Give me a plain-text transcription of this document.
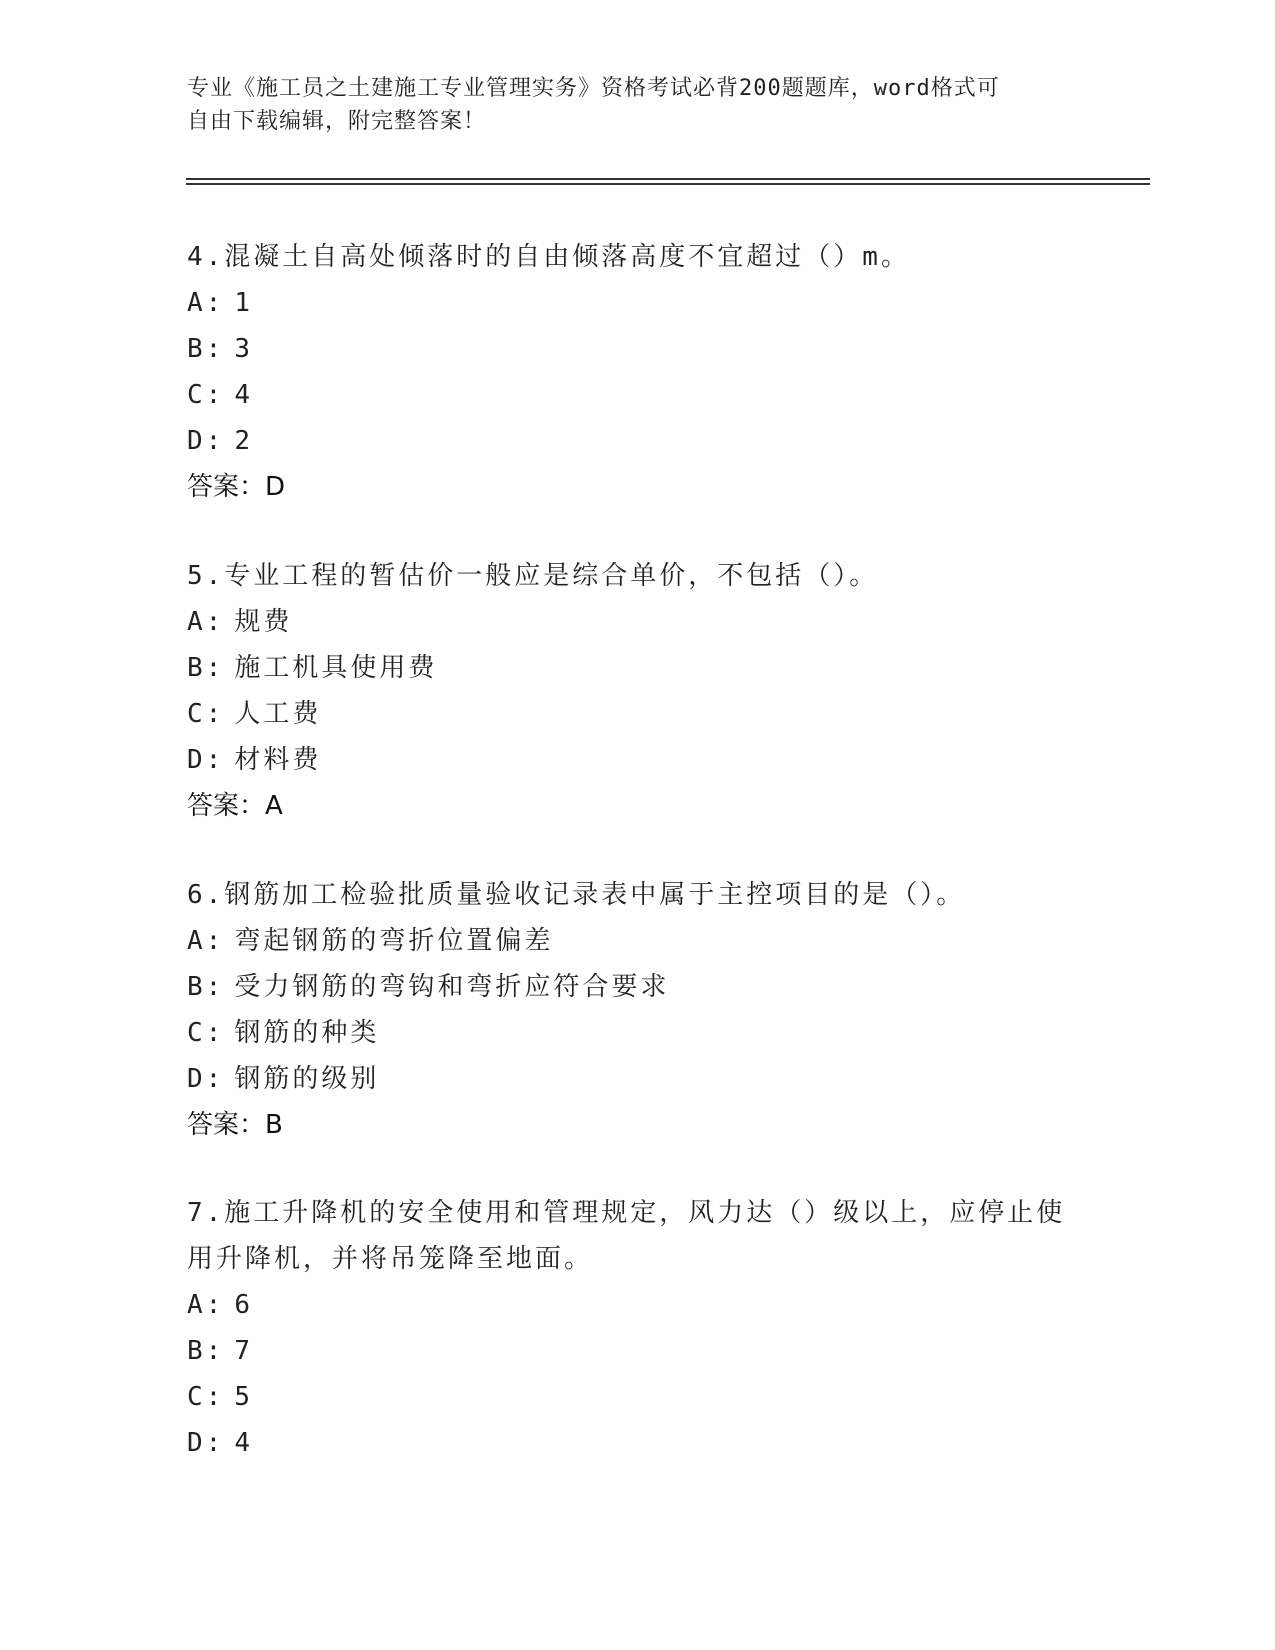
专业《施工员之土建施工专业管理实务》资格考试必背200题题库，word格式可
自由下载编辑，附完整答案！
4.混凝土自高处倾落时的自由倾落高度不宜超过（）m。
A: 1
B: 3
C: 4
D: 2
答案：D
5.专业工程的暂估价一般应是综合单价，不包括（）。
A: 规费
B: 施工机具使用费
C: 人工费
D: 材料费
答案：A
6.钢筋加工检验批质量验收记录表中属于主控项目的是（）。
A: 弯起钢筋的弯折位置偏差
B: 受力钢筋的弯钩和弯折应符合要求
C: 钢筋的种类
D: 钢筋的级别
答案：B
7.施工升降机的安全使用和管理规定，风力达（）级以上，应停止使
用升降机，并将吊笼降至地面。
A: 6
B: 7
C: 5
D: 4
